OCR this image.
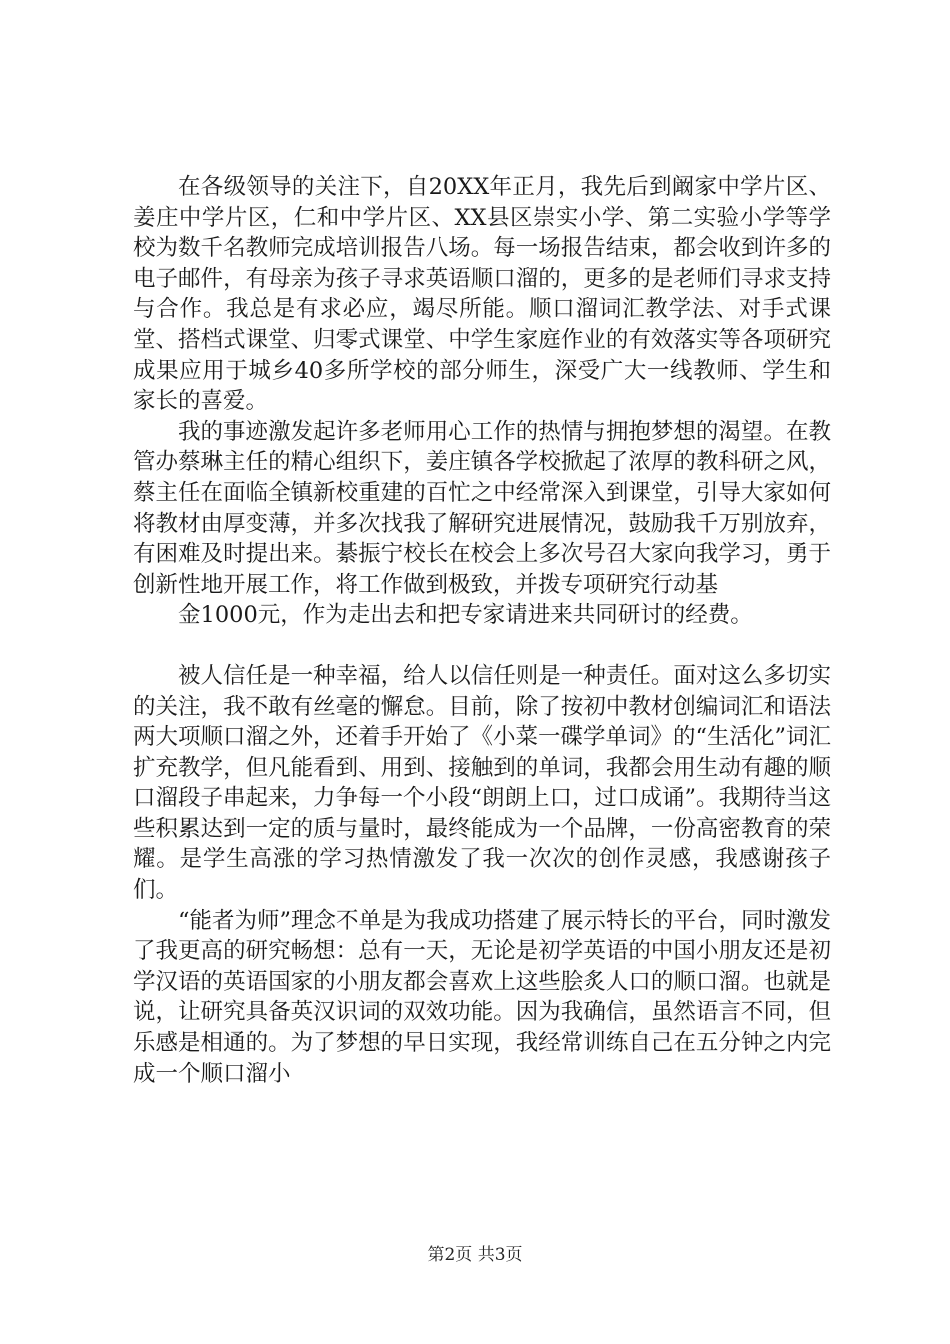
在各级领导的关注下，自20XX年正月，我先后到阚家中学片区、姜庄中学片区，仁和中学片区、XX县区崇实小学、第二实验小学等学校为数千名教师完成培训报告八场。每一场报告结束，都会收到许多的电子邮件，有母亲为孩子寻求英语顺口溜的，更多的是老师们寻求支持与合作。我总是有求必应，竭尽所能。顺口溜词汇教学法、对手式课堂、搭档式课堂、归零式课堂、中学生家庭作业的有效落实等各项研究成果应用于城乡40多所学校的部分师生，深受广大一线教师、学生和家长的喜爱。

我的事迹激发起许多老师用心工作的热情与拥抱梦想的渴望。在教管办蔡琳主任的精心组织下，姜庄镇各学校掀起了浓厚的教科研之风，蔡主任在面临全镇新校重建的百忙之中经常深入到课堂，引导大家如何将教材由厚变薄，并多次找我了解研究进展情况，鼓励我千万别放弃，有困难及时提出来。綦振宁校长在校会上多次号召大家向我学习，勇于创新性地开展工作，将工作做到极致，并拨专项研究行动基

金1000元，作为走出去和把专家请进来共同研讨的经费。

被人信任是一种幸福，给人以信任则是一种责任。面对这么多切实的关注，我不敢有丝毫的懈怠。目前，除了按初中教材创编词汇和语法两大项顺口溜之外，还着手开始了《小菜一碟学单词》的“生活化”词汇扩充教学，但凡能看到、用到、接触到的单词，我都会用生动有趣的顺口溜段子串起来，力争每一个小段“朗朗上口，过口成诵”。我期待当这些积累达到一定的质与量时，最终能成为一个品牌，一份高密教育的荣耀。是学生高涨的学习热情激发了我一次次的创作灵感，我感谢孩子们。

“能者为师”理念不单是为我成功搭建了展示特长的平台，同时激发了我更高的研究畅想：总有一天，无论是初学英语的中国小朋友还是初学汉语的英语国家的小朋友都会喜欢上这些脍炙人口的顺口溜。也就是说，让研究具备英汉识词的双效功能。因为我确信，虽然语言不同，但乐感是相通的。为了梦想的早日实现，我经常训练自己在五分钟之内完成一个顺口溜小

第2页 共3页
